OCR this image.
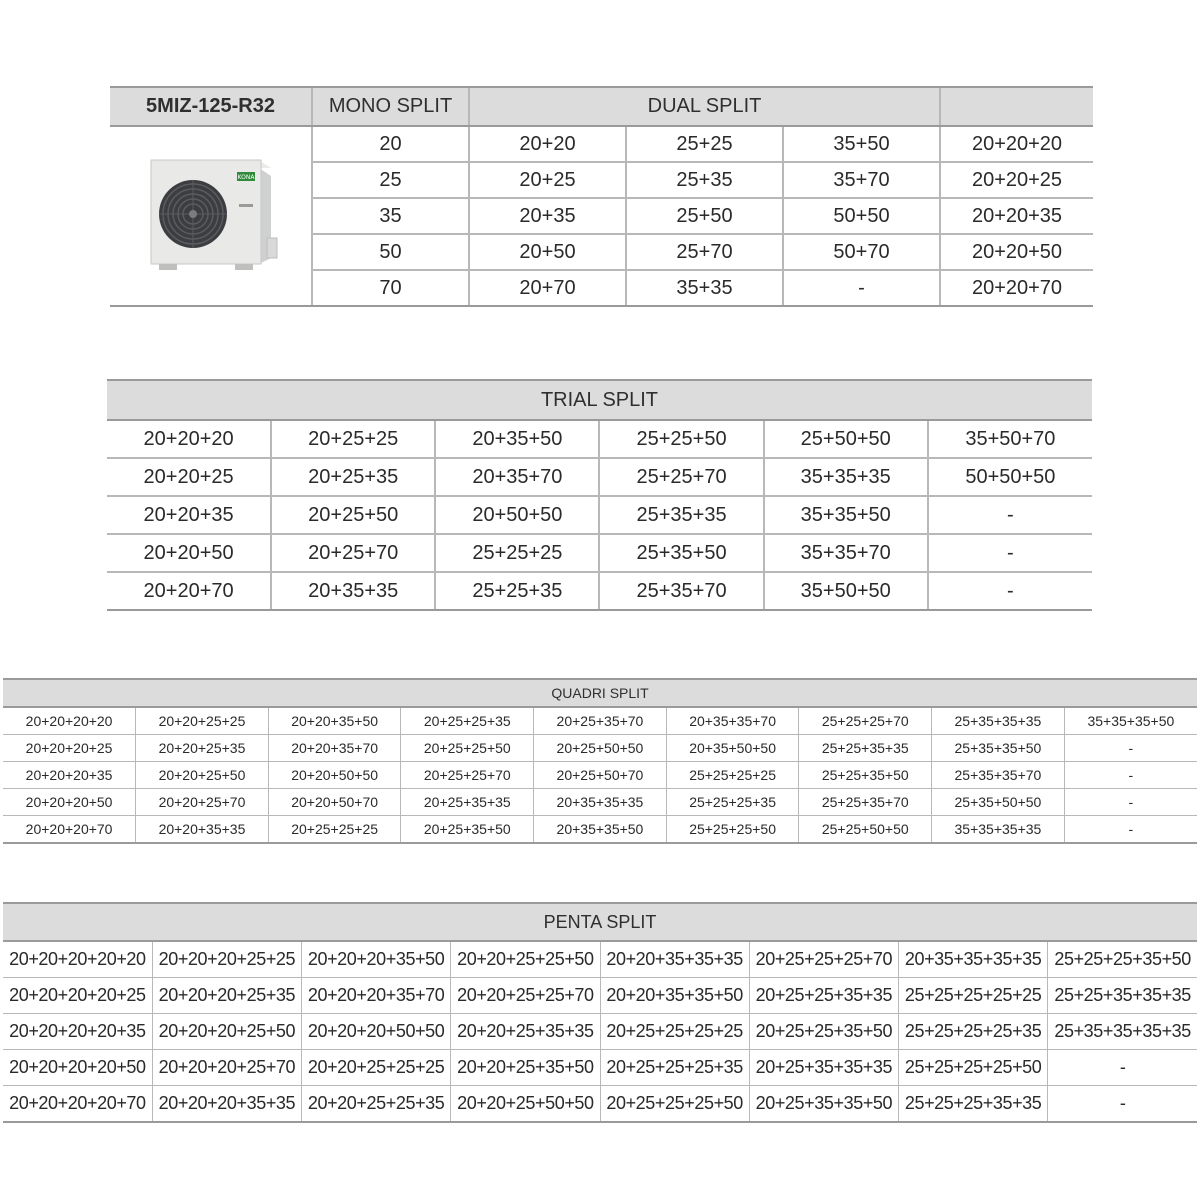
5MIZ-125-R32	MONO SPLIT	DUAL SPLIT			

KONA	20	20+20	25+25	35+50	20+20+20
	25	20+25	25+35	35+70	20+20+25
	35	20+35	25+50	50+50	20+20+35
	50	20+50	25+70	50+70	20+20+50
	70	20+70	35+35	-	20+20+70
TRIAL SPLIT					
20+20+20	20+25+25	20+35+50	25+25+50	25+50+50	35+50+70
20+20+25	20+25+35	20+35+70	25+25+70	35+35+35	50+50+50
20+20+35	20+25+50	20+50+50	25+35+35	35+35+50	-
20+20+50	20+25+70	25+25+25	25+35+50	35+35+70	-
20+20+70	20+35+35	25+25+35	25+35+70	35+50+50	-
QUADRI SPLIT								
20+20+20+20	20+20+25+25	20+20+35+50	20+25+25+35	20+25+35+70	20+35+35+70	25+25+25+70	25+35+35+35	35+35+35+50
20+20+20+25	20+20+25+35	20+20+35+70	20+25+25+50	20+25+50+50	20+35+50+50	25+25+35+35	25+35+35+50	-
20+20+20+35	20+20+25+50	20+20+50+50	20+25+25+70	20+25+50+70	25+25+25+25	25+25+35+50	25+35+35+70	-
20+20+20+50	20+20+25+70	20+20+50+70	20+25+35+35	20+35+35+35	25+25+25+35	25+25+35+70	25+35+50+50	-
20+20+20+70	20+20+35+35	20+25+25+25	20+25+35+50	20+35+35+50	25+25+25+50	25+25+50+50	35+35+35+35	-
PENTA SPLIT							
20+20+20+20+20	20+20+20+25+25	20+20+20+35+50	20+20+25+25+50	20+20+35+35+35	20+25+25+25+70	20+35+35+35+35	25+25+25+35+50
20+20+20+20+25	20+20+20+25+35	20+20+20+35+70	20+20+25+25+70	20+20+35+35+50	20+25+25+35+35	25+25+25+25+25	25+25+35+35+35
20+20+20+20+35	20+20+20+25+50	20+20+20+50+50	20+20+25+35+35	20+25+25+25+25	20+25+25+35+50	25+25+25+25+35	25+35+35+35+35
20+20+20+20+50	20+20+20+25+70	20+20+25+25+25	20+20+25+35+50	20+25+25+25+35	20+25+35+35+35	25+25+25+25+50	-
20+20+20+20+70	20+20+20+35+35	20+20+25+25+35	20+20+25+50+50	20+25+25+25+50	20+25+35+35+50	25+25+25+35+35	-
